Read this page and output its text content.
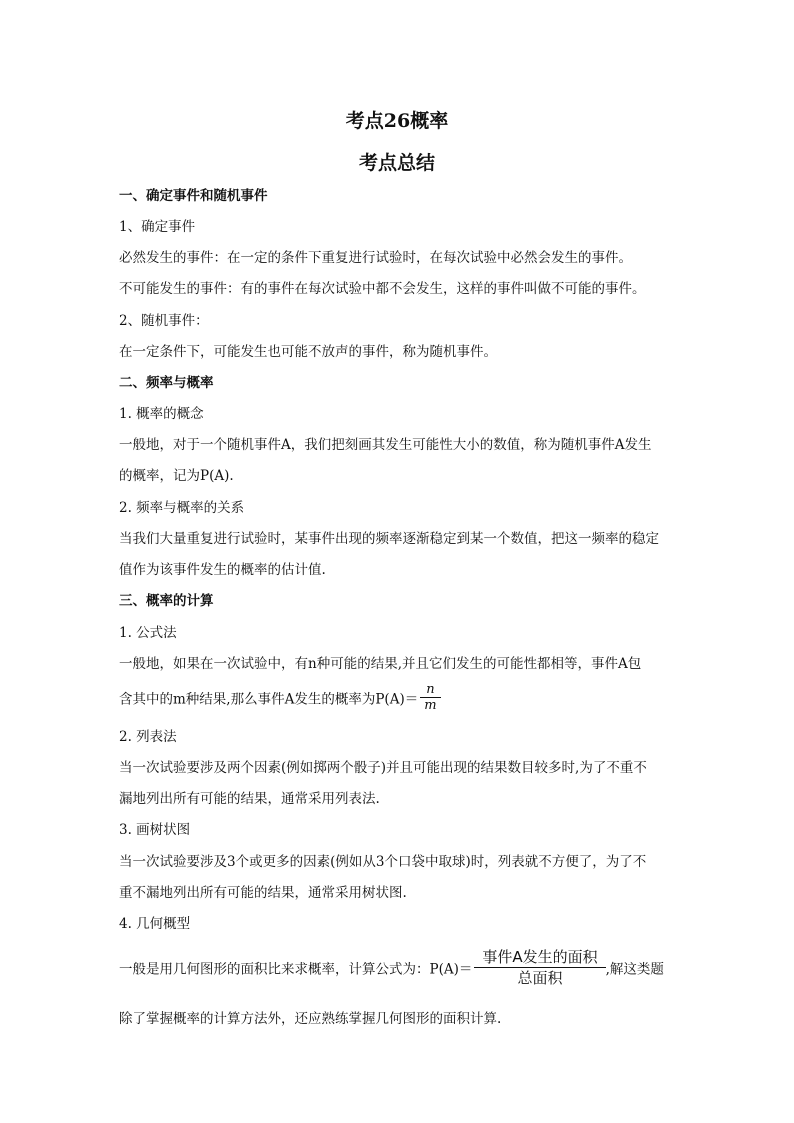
考点26概率
考点总结
一、确定事件和随机事件
1、确定事件
必然发生的事件：在一定的条件下重复进行试验时，在每次试验中必然会发生的事件。
不可能发生的事件：有的事件在每次试验中都不会发生，这样的事件叫做不可能的事件。
2、随机事件：
在一定条件下，可能发生也可能不放声的事件，称为随机事件。
二、频率与概率
1. 概率的概念
一般地，对于一个随机事件A，我们把刻画其发生可能性大小的数值，称为随机事件A发生
的概率，记为P(A).
2. 频率与概率的关系
当我们大量重复进行试验时，某事件出现的频率逐渐稳定到某一个数值，把这一频率的稳定
值作为该事件发生的概率的估计值.
三、概率的计算
1. 公式法
一般地，如果在一次试验中，有n种可能的结果,并且它们发生的可能性都相等，事件A包
含其中的m种结果,那么事件A发生的概率为$P(A)= \frac{n}{m}$
2. 列表法
当一次试验要涉及两个因素(例如掷两个骰子)并且可能出现的结果数目较多时,为了不重不
漏地列出所有可能的结果，通常采用列表法.
3. 画树状图
当一次试验要涉及3个或更多的因素(例如从3个口袋中取球)时，列表就不方便了，为了不
重不漏地列出所有可能的结果，通常采用树状图.
4. 几何概型
一般是用几何图形的面积比来求概率，计算公式为：$P(A)= \frac{\text{事件A发生的面积}}{\text{总面积}}$ ,解这类题
除了掌握概率的计算方法外，还应熟练掌握几何图形的面积计算.
